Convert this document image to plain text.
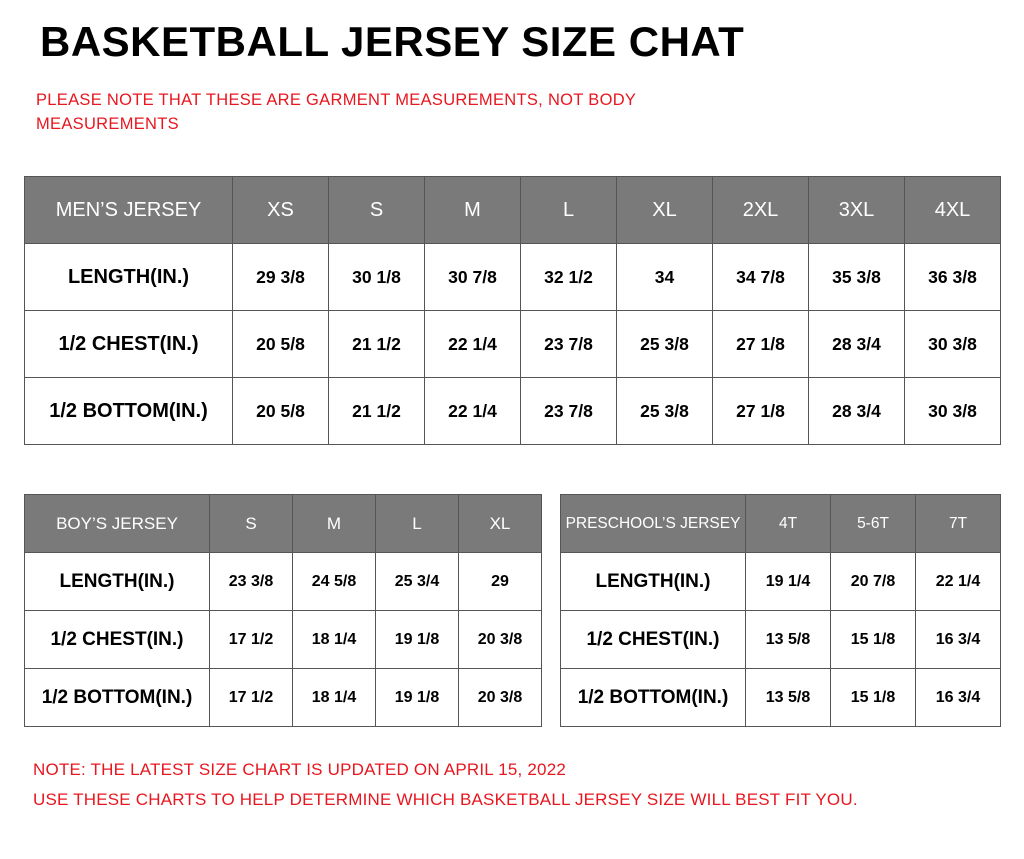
BASKETBALL JERSEY SIZE CHAT
PLEASE NOTE THAT THESE ARE GARMENT MEASUREMENTS, NOT BODY MEASUREMENTS
MEN’S JERSEY	XS	S	M	L	XL	2XL	3XL	4XL
LENGTH(IN.)	29 3/8	30 1/8	30 7/8	32 1/2	34	34 7/8	35 3/8	36 3/8
1/2 CHEST(IN.)	20 5/8	21 1/2	22 1/4	23 7/8	25 3/8	27 1/8	28 3/4	30 3/8
1/2 BOTTOM(IN.)	20 5/8	21 1/2	22 1/4	23 7/8	25 3/8	27 1/8	28 3/4	30 3/8
BOY’S JERSEY	S	M	L	XL
LENGTH(IN.)	23 3/8	24 5/8	25 3/4	29
1/2 CHEST(IN.)	17 1/2	18 1/4	19 1/8	20 3/8
1/2 BOTTOM(IN.)	17 1/2	18 1/4	19 1/8	20 3/8
PRESCHOOL’S JERSEY	4T	5-6T	7T
LENGTH(IN.)	19 1/4	20 7/8	22 1/4
1/2 CHEST(IN.)	13 5/8	15 1/8	16 3/4
1/2 BOTTOM(IN.)	13 5/8	15 1/8	16 3/4
NOTE: THE LATEST SIZE CHART IS UPDATED ON APRIL 15, 2022
USE THESE CHARTS TO HELP DETERMINE WHICH BASKETBALL JERSEY SIZE WILL BEST FIT YOU.
